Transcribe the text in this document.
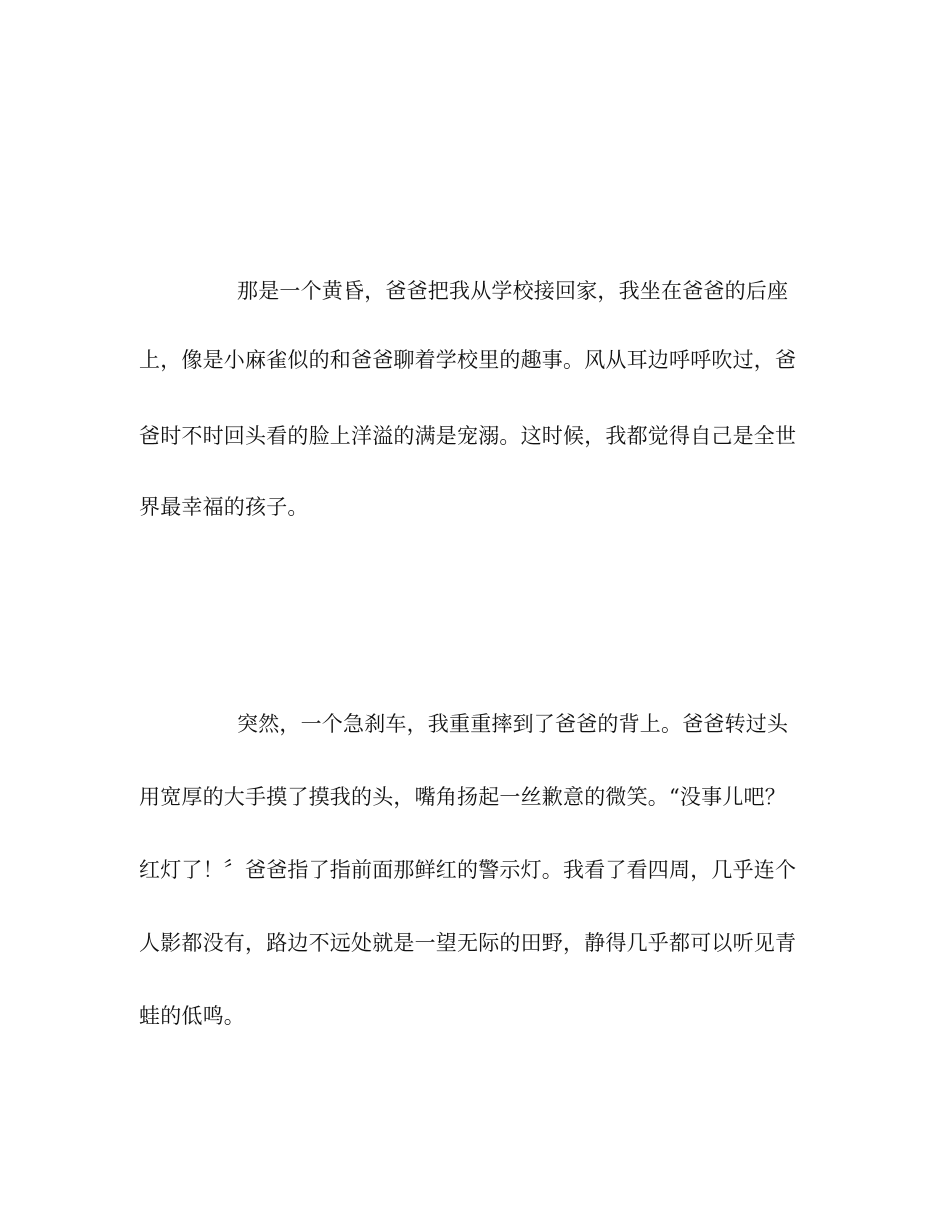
那是一个黄昏，爸爸把我从学校接回家，我坐在爸爸的后座
上，像是小麻雀似的和爸爸聊着学校里的趣事。风从耳边呼呼吹过，爸
爸时不时回头看的脸上洋溢的满是宠溺。这时候，我都觉得自己是全世
界最幸福的孩子。
突然，一个急刹车，我重重摔到了爸爸的背上。爸爸转过头
用宽厚的大手摸了摸我的头，嘴角扬起一丝歉意的微笑。“没事儿吧？
红灯了！〞爸爸指了指前面那鲜红的警示灯。我看了看四周，几乎连个
人影都没有，路边不远处就是一望无际的田野，静得几乎都可以听见青
蛙的低鸣。
